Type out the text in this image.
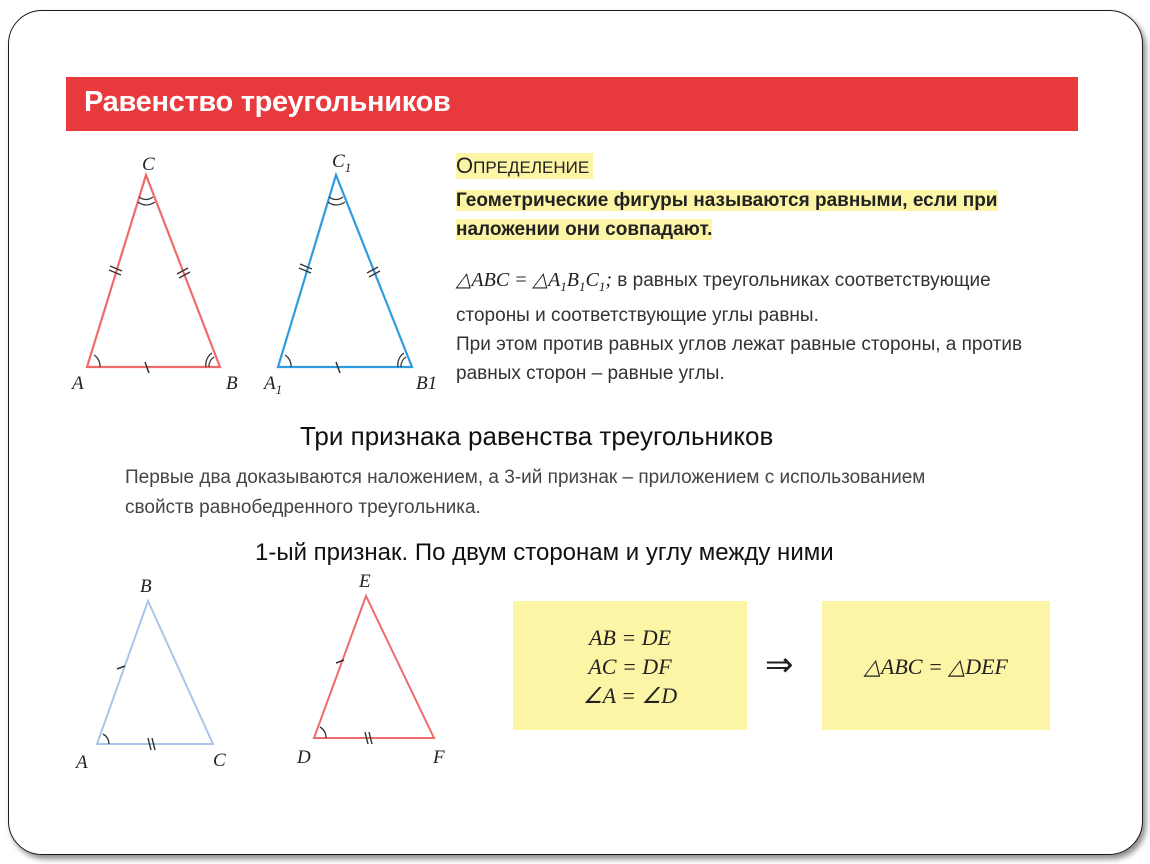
Равенство треугольников
C
A	B
$C_1$
$A_1$	B1
ОПРЕДЕЛЕНИЕ
Геометрические фигуры называются равными, если при
наложении они совпадают.
△ABC = $\triangle A_1B_1C_1$; в равных треугольниках соответствующие
стороны и соответствующие углы равны.
При этом против равных углов лежат равные стороны, а против
равных сторон – равные углы.
Три признака равенства треугольников
Первые два доказываются наложением, а 3-ий признак – приложением с использованием
свойств равнобедренного треугольника.
1-ый признак. По двум сторонам и углу между ними
B
A	C
E
D	F
AB = DE
AC = DF
∠A = ∠D
⇒	△ABC = △DEF
